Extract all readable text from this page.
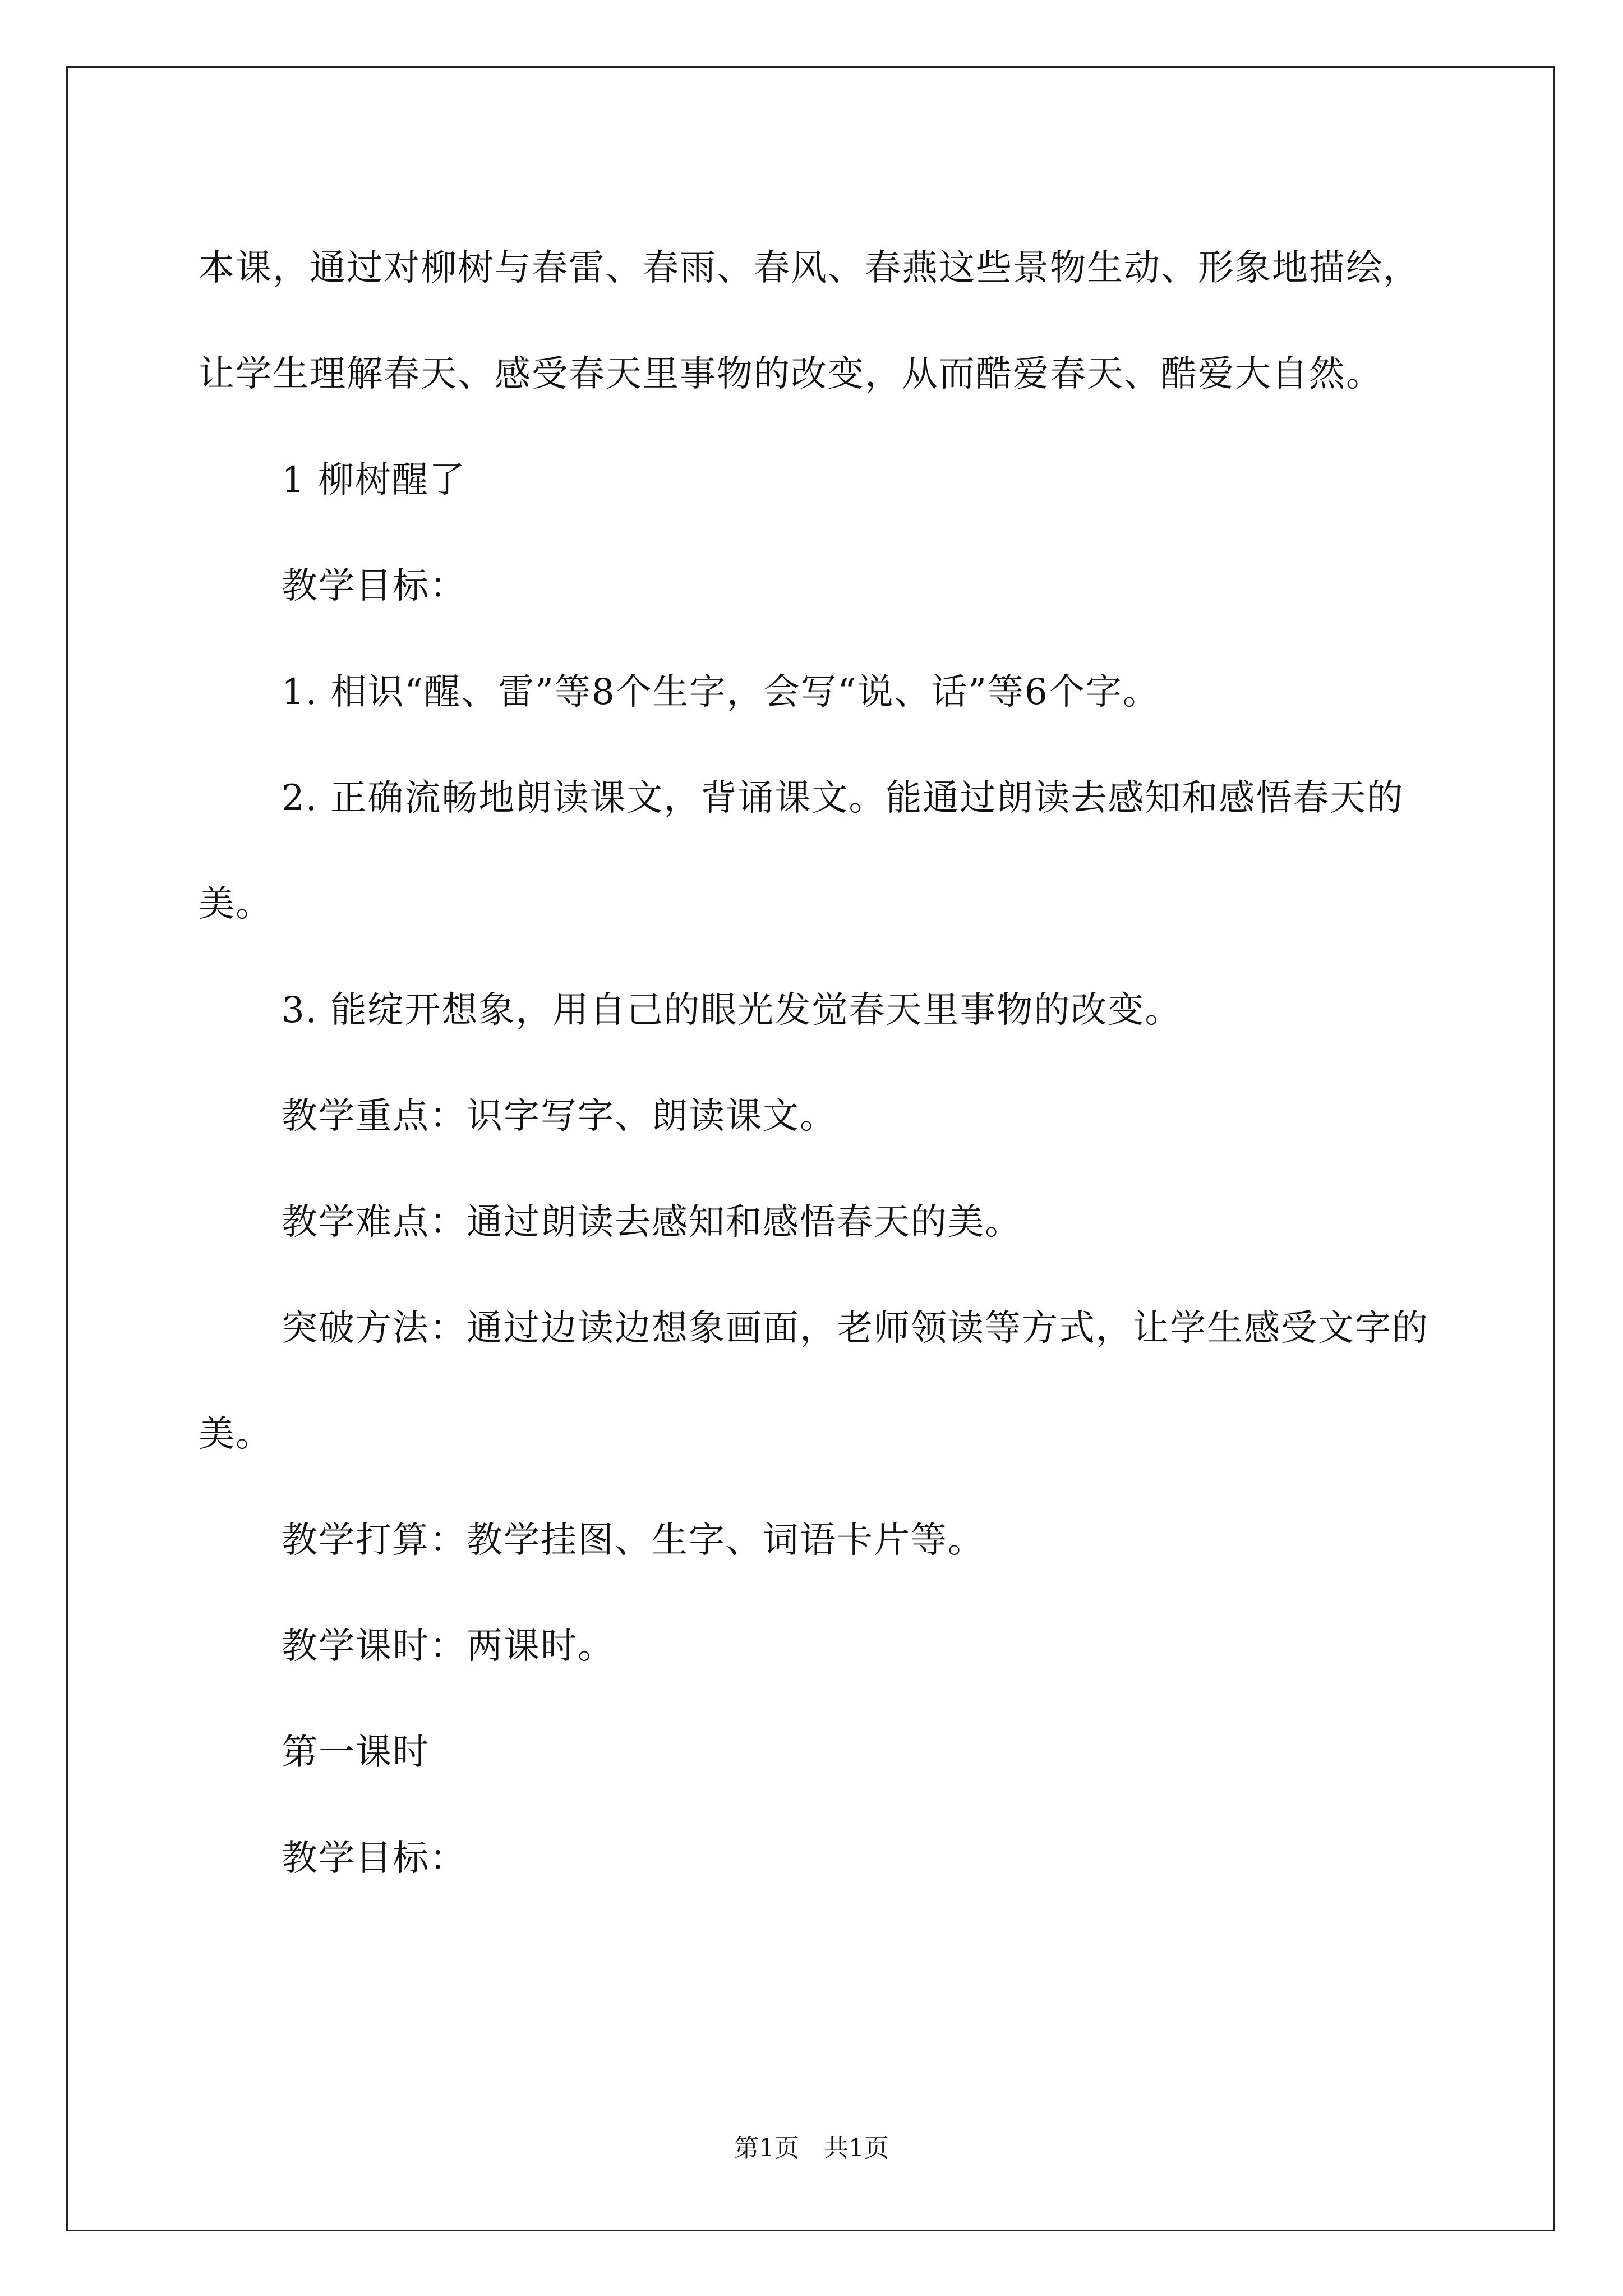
本课，通过对柳树与春雷、春雨、春风、春燕这些景物生动、形象地描绘，让学生理解春天、感受春天里事物的改变，从而酷爱春天、酷爱大自然。

1 柳树醒了

教学目标：

1. 相识“醒、雷”等8个生字，会写“说、话”等6个字。

2. 正确流畅地朗读课文，背诵课文。能通过朗读去感知和感悟春天的美。

3. 能绽开想象，用自己的眼光发觉春天里事物的改变。

教学重点：识字写字、朗读课文。

教学难点：通过朗读去感知和感悟春天的美。

突破方法：通过边读边想象画面，老师领读等方式，让学生感受文字的美。

教学打算：教学挂图、生字、词语卡片等。

教学课时：两课时。

第一课时

教学目标：

第1页　共1页
